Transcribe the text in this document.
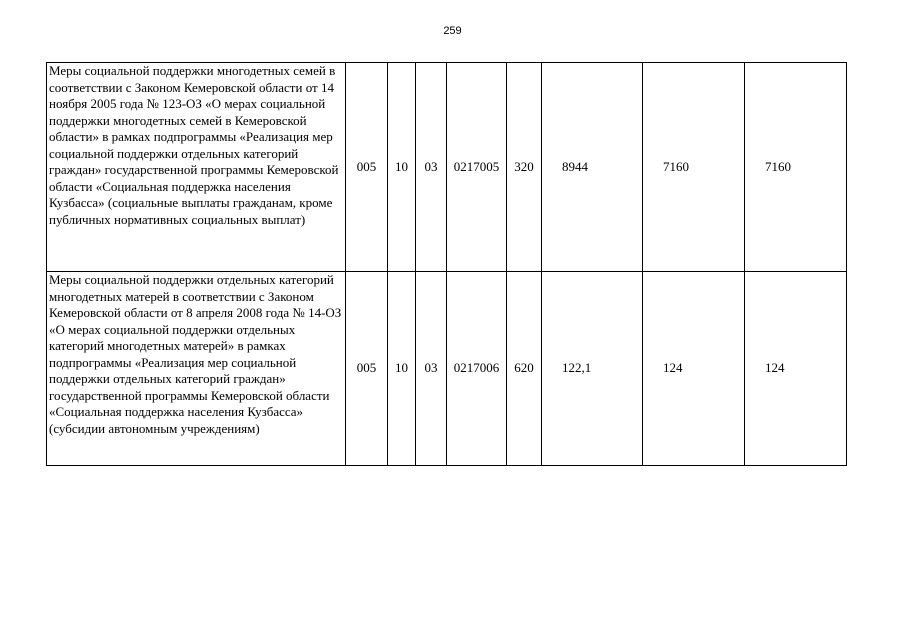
259
Меры социальной поддержки многодетных семей в соответствии с Законом Кемеровской области от 14 ноября 2005 года № 123-ОЗ «О мерах социальной поддержки многодетных семей в Кемеровской области» в рамках подпрограммы «Реализация мер социальной поддержки отдельных категорий граждан» государственной программы Кемеровской области «Социальная поддержка населения Кузбасса» (социальные выплаты гражданам, кроме публичных нормативных социальных выплат)	005	10	03	0217005	320	8944	7160	7160
Меры социальной поддержки отдельных категорий многодетных матерей в соответствии с Законом Кемеровской области от 8 апреля 2008 года № 14-ОЗ «О мерах социальной поддержки отдельных категорий многодетных матерей» в рамках подпрограммы «Реализация мер социальной поддержки отдельных категорий граждан» государственной программы Кемеровской области «Социальная поддержка населения Кузбасса» (субсидии автономным учреждениям)	005	10	03	0217006	620	122,1	124	124
